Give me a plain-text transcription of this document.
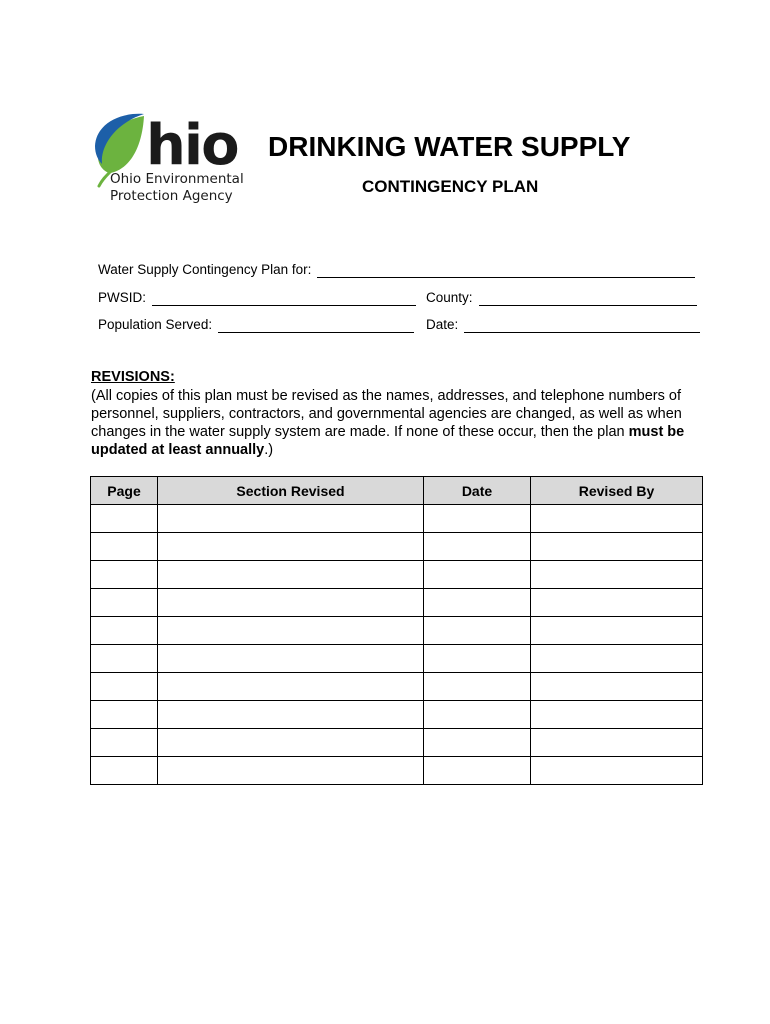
hio
Ohio Environmental
Protection Agency
DRINKING WATER SUPPLY
CONTINGENCY PLAN
Water Supply Contingency Plan for:
PWSID:	County:
Population Served:	Date:
REVISIONS:
(All copies of this plan must be revised as the names, addresses, and telephone numbers of personnel, suppliers, contractors, and governmental agencies are changed, as well as when changes in the water supply system are made. If none of these occur, then the plan must be updated at least annually.)
Page	Section Revised	Date	Revised By
